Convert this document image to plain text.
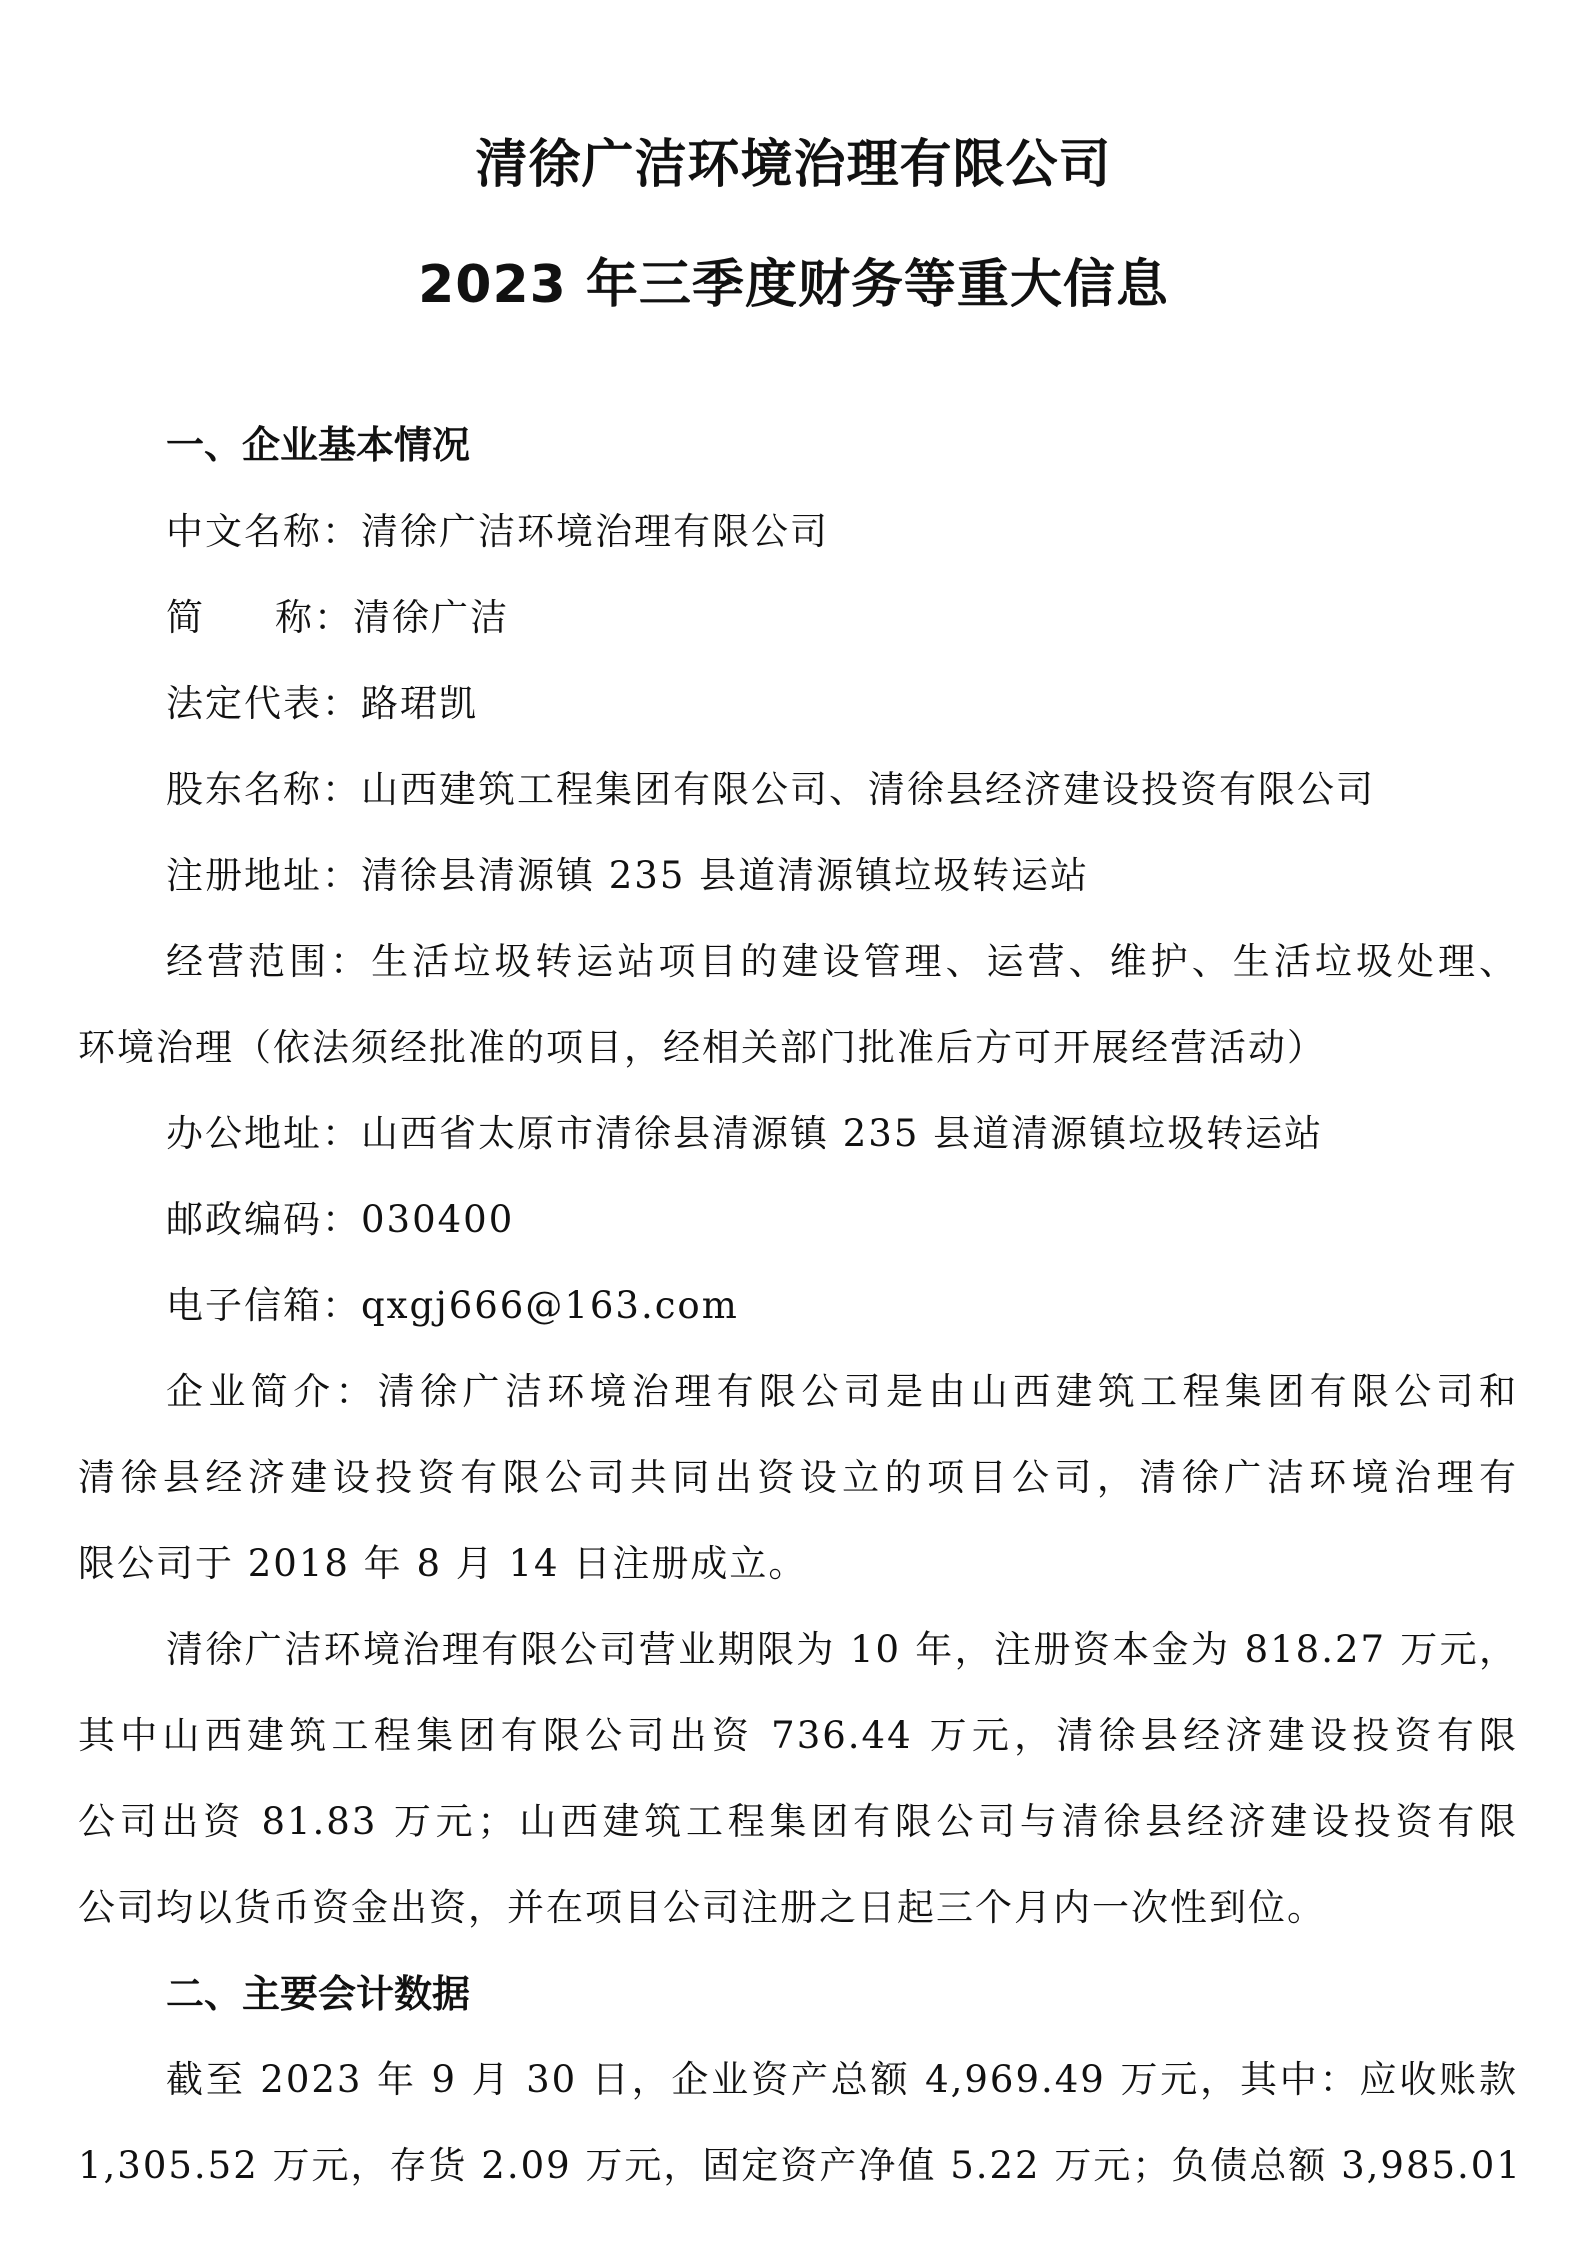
清徐广洁环境治理有限公司
2023 年三季度财务等重大信息
一、企业基本情况
中文名称：清徐广洁环境治理有限公司
简 称：清徐广洁
法定代表：路珺凯
股东名称：山西建筑工程集团有限公司、清徐县经济建设投资有限公司
注册地址：清徐县清源镇 235 县道清源镇垃圾转运站
经营范围：生活垃圾转运站项目的建设管理、运营、维护、生活垃圾处理、
环境治理（依法须经批准的项目，经相关部门批准后方可开展经营活动）
办公地址：山西省太原市清徐县清源镇 235 县道清源镇垃圾转运站
邮政编码：030400
电子信箱：qxgj666@163.com
企业简介：清徐广洁环境治理有限公司是由山西建筑工程集团有限公司和
清徐县经济建设投资有限公司共同出资设立的项目公司，清徐广洁环境治理有
限公司于 2018 年 8 月 14 日注册成立。
清徐广洁环境治理有限公司营业期限为 10 年，注册资本金为 818.27 万元，
其中山西建筑工程集团有限公司出资 736.44 万元，清徐县经济建设投资有限
公司出资 81.83 万元；山西建筑工程集团有限公司与清徐县经济建设投资有限
公司均以货币资金出资，并在项目公司注册之日起三个月内一次性到位。
二、主要会计数据
截至 2023 年 9 月 30 日，企业资产总额 4,969.49 万元，其中：应收账款
1,305.52 万元，存货 2.09 万元，固定资产净值 5.22 万元；负债总额 3,985.01
